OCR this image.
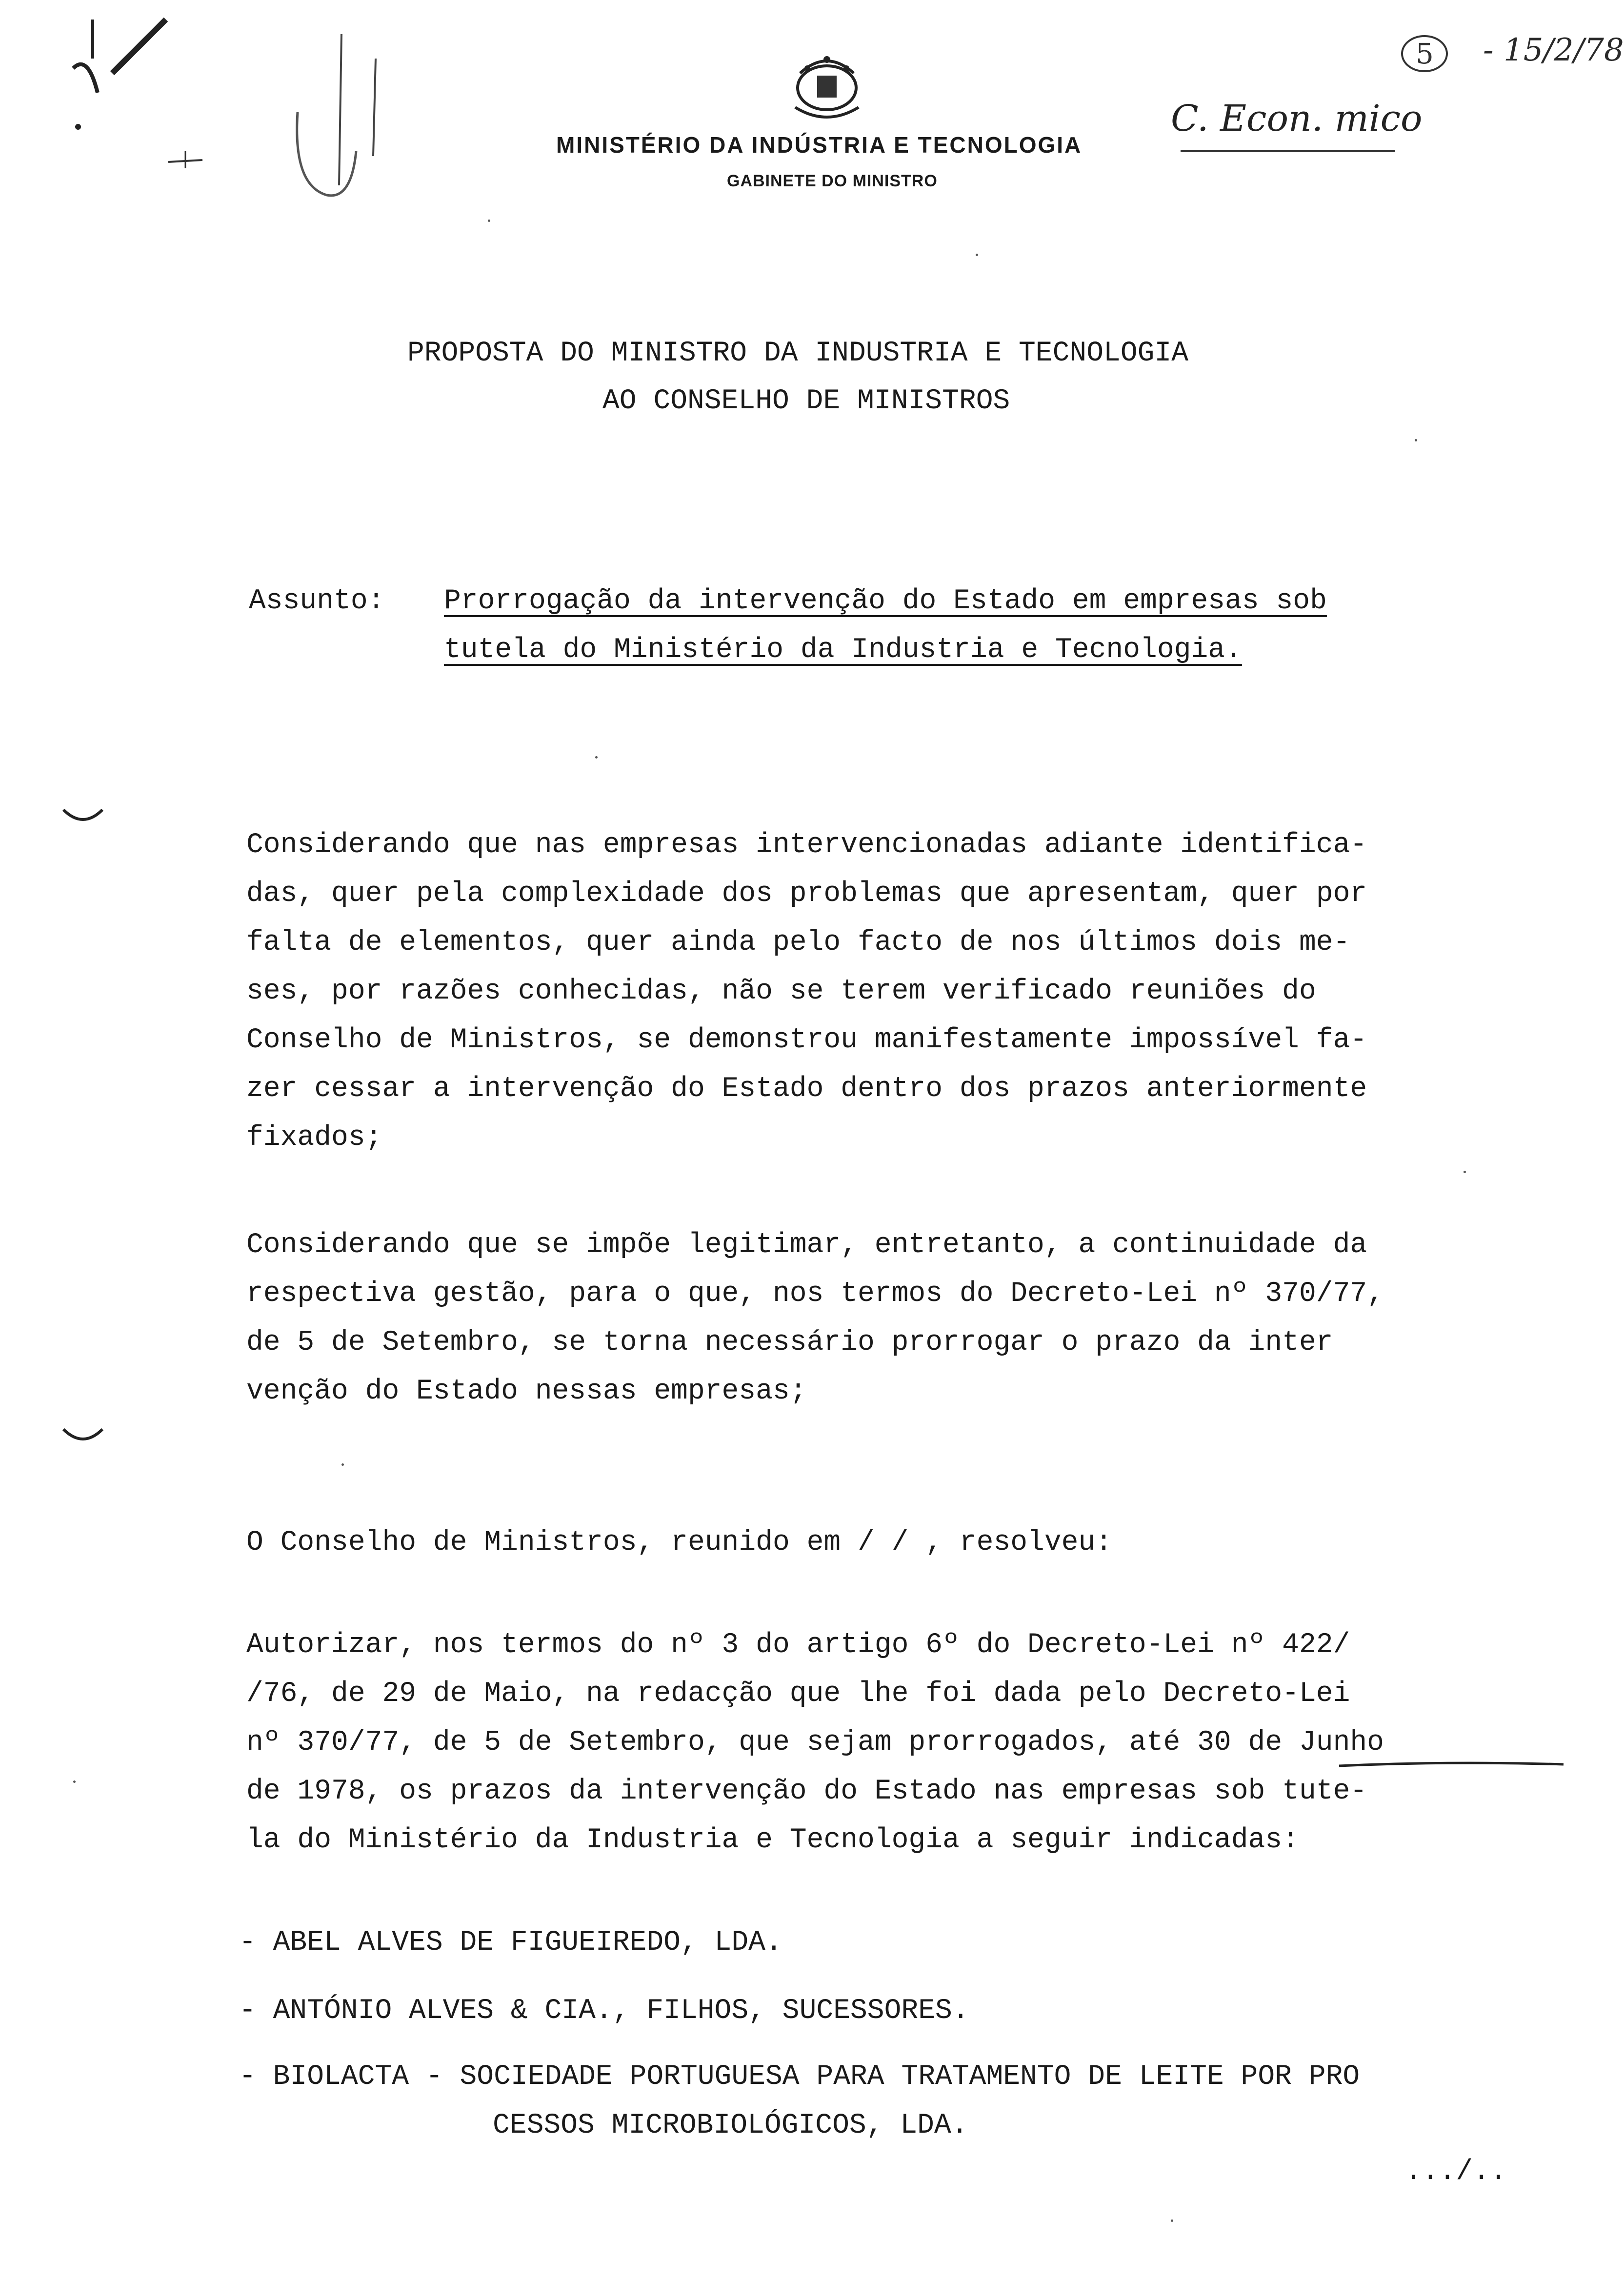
MINISTÉRIO DA INDÚSTRIA E TECNOLOGIA
GABINETE DO MINISTRO
5 - 15/2/78
C. Econ. mico
PROPOSTA DO MINISTRO DA INDUSTRIA E TECNOLOGIA
AO CONSELHO DE MINISTROS
Assunto: Prorrogação da intervenção do Estado em empresas sob
tutela do Ministério da Industria e Tecnologia.
Considerando que nas empresas intervencionadas adiante identifica-
das, quer pela complexidade dos problemas que apresentam, quer por
falta de elementos, quer ainda pelo facto de nos últimos dois me-
ses, por razões conhecidas, não se terem verificado reuniões do
Conselho de Ministros, se demonstrou manifestamente impossível fa-
zer cessar a intervenção do Estado dentro dos prazos anteriormente
fixados;
Considerando que se impõe legitimar, entretanto, a continuidade da
respectiva gestão, para o que, nos termos do Decreto-Lei nº 370/77,
de 5 de Setembro, se torna necessário prorrogar o prazo da inter
venção do Estado nessas empresas;
O Conselho de Ministros, reunido em / / , resolveu:
Autorizar, nos termos do nº 3 do artigo 6º do Decreto-Lei nº 422/
/76, de 29 de Maio, na redacção que lhe foi dada pelo Decreto-Lei
nº 370/77, de 5 de Setembro, que sejam prorrogados, até 30 de Junho
de 1978, os prazos da intervenção do Estado nas empresas sob tute-
la do Ministério da Industria e Tecnologia a seguir indicadas:
- ABEL ALVES DE FIGUEIREDO, LDA.
- ANTÓNIO ALVES & CIA., FILHOS, SUCESSORES.
- BIOLACTA - SOCIEDADE PORTUGUESA PARA TRATAMENTO DE LEITE POR PRO
CESSOS MICROBIOLÓGICOS, LDA.
.../..
